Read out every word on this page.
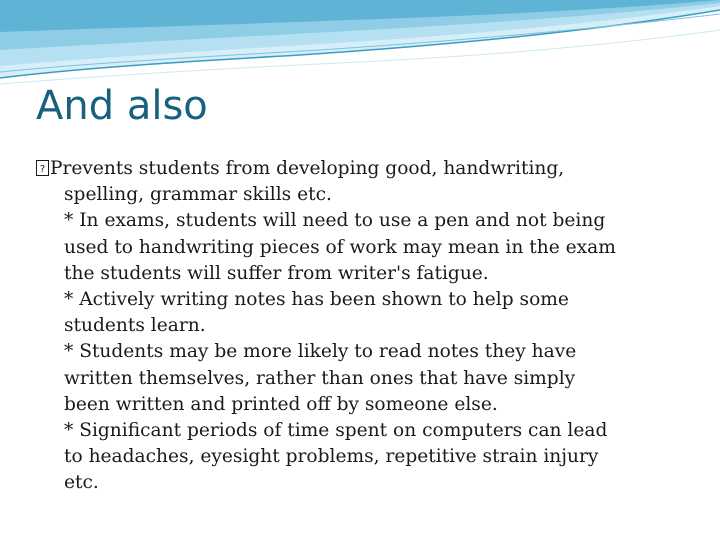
And also
? Prevents students from developing good, handwriting,
spelling, grammar skills etc.
* In exams, students will need to use a pen and not being
used to handwriting pieces of work may mean in the exam
the students will suffer from writer's fatigue.
* Actively writing notes has been shown to help some
students learn.
* Students may be more likely to read notes they have
written themselves, rather than ones that have simply
been written and printed off by someone else.
* Significant periods of time spent on computers can lead
to headaches, eyesight problems, repetitive strain injury
etc.
